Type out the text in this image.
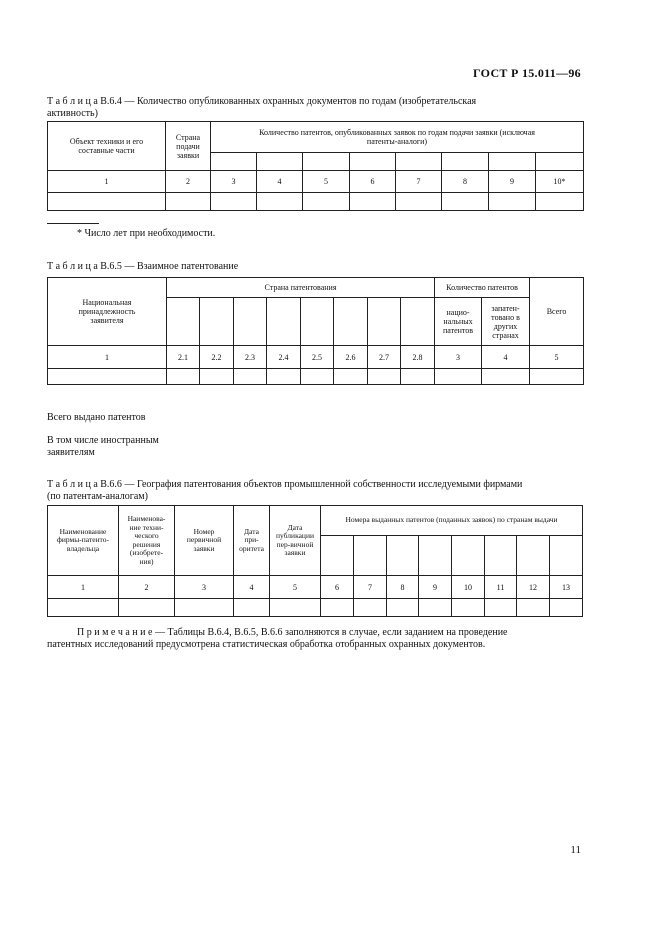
ГОСТ Р 15.011—96
Т а б л и ц а В.6.4 — Количество опубликованных охранных документов по годам (изобретательская
активность)
Объект техники и его составные части	Страна подачи заявки	Количество патентов, опубликованных заявок по годам подачи заявки (исключая патенты-аналоги)							

1	2	3	4	5	6	7	8	9	10*

* Число лет при необходимости.
Т а б л и ц а В.6.5 — Взаимное патентование
Национальная принадлежность заявителя	Страна патентования								Количество патентов		Всего
									нацио-нальных патентов	запатен-товано в других странах	
1	2.1	2.2	2.3	2.4	2.5	2.6	2.7	2.8	3	4	5

Всего выдано патентов
В том числе иностранным
заявителям
Т а б л и ц а В.6.6 — География патентования объектов промышленной собственности исследуемыми фирмами
(по патентам-аналогам)
Наименование фирмы-патенто-владельца	Наименова-ние техни-ческого решения (изобрете-ния)	Номер первичной заявки	Дата при-оритета	Дата публикации пер-вичной заявки	Номера выданных патентов (поданных заявок) по странам выдачи							

1	2	3	4	5	6	7	8	9	10	11	12	13

П р и м е ч а н и е — Таблицы В.6.4, В.6.5, В.6.6 заполняются в случае, если заданием на проведение
патентных исследований предусмотрена статистическая обработка отобранных охранных документов.
11
